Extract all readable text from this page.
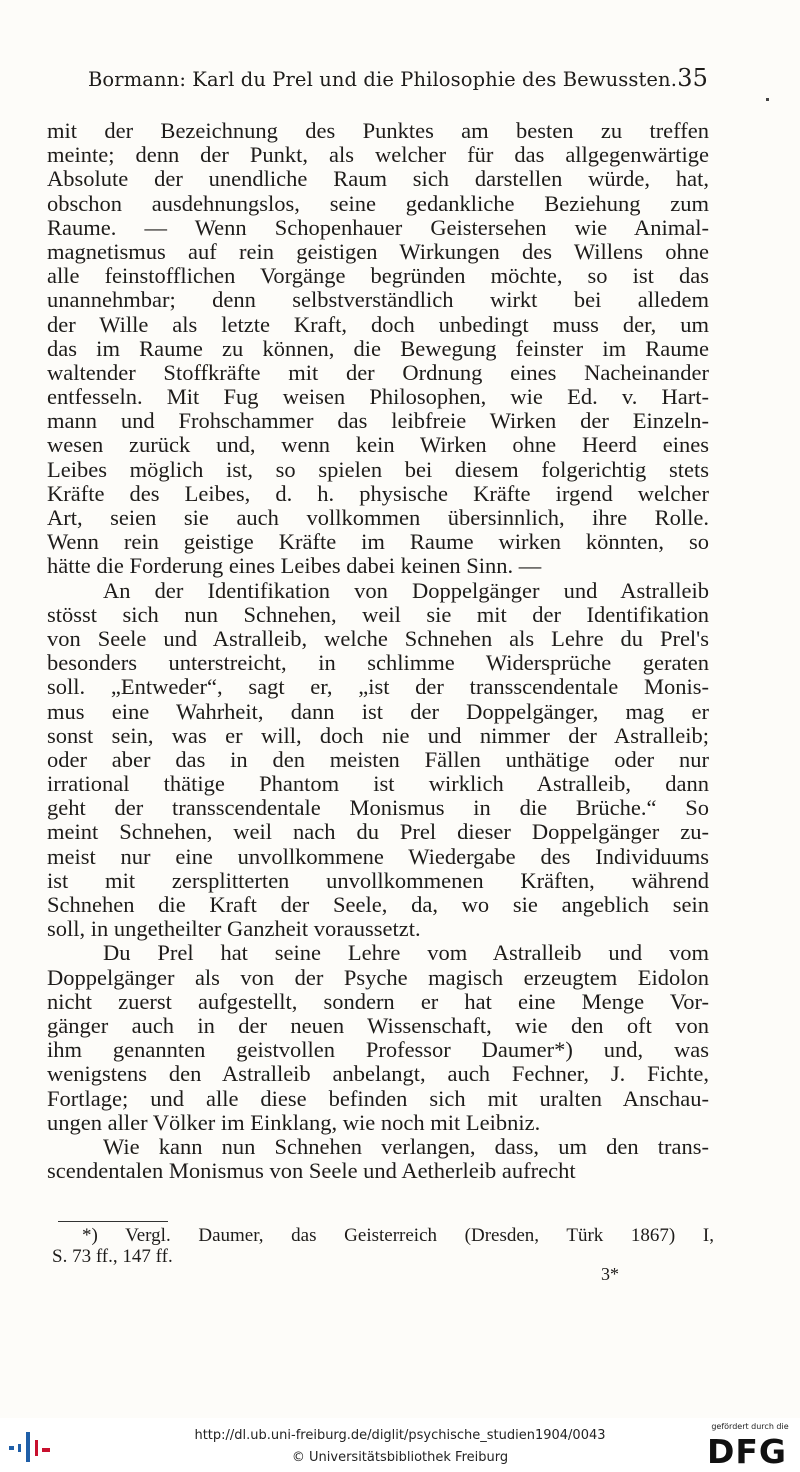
Bormann: Karl du Prel und die Philosophie des Bewussten. 35
mit der Bezeichnung des Punktes am besten zu treffen
meinte; denn der Punkt, als welcher für das allgegenwärtige
Absolute der unendliche Raum sich darstellen würde, hat,
obschon ausdehnungslos, seine gedankliche Beziehung zum
Raume. — Wenn Schopenhauer Geistersehen wie Animal-
magnetismus auf rein geistigen Wirkungen des Willens ohne
alle feinstofflichen Vorgänge begründen möchte, so ist das
unannehmbar; denn selbstverständlich wirkt bei alledem
der Wille als letzte Kraft, doch unbedingt muss der, um
das im Raume zu können, die Bewegung feinster im Raume
waltender Stoffkräfte mit der Ordnung eines Nacheinander
entfesseln. Mit Fug weisen Philosophen, wie Ed. v. Hart-
mann und Frohschammer das leibfreie Wirken der Einzeln-
wesen zurück und, wenn kein Wirken ohne Heerd eines
Leibes möglich ist, so spielen bei diesem folgerichtig stets
Kräfte des Leibes, d. h. physische Kräfte irgend welcher
Art, seien sie auch vollkommen übersinnlich, ihre Rolle.
Wenn rein geistige Kräfte im Raume wirken könnten, so
hätte die Forderung eines Leibes dabei keinen Sinn. —
An der Identifikation von Doppelgänger und Astralleib
stösst sich nun Schnehen, weil sie mit der Identifikation
von Seele und Astralleib, welche Schnehen als Lehre du Prel's
besonders unterstreicht, in schlimme Widersprüche geraten
soll. „Entweder“, sagt er, „ist der transscendentale Monis-
mus eine Wahrheit, dann ist der Doppelgänger, mag er
sonst sein, was er will, doch nie und nimmer der Astralleib;
oder aber das in den meisten Fällen unthätige oder nur
irrational thätige Phantom ist wirklich Astralleib, dann
geht der transscendentale Monismus in die Brüche.“ So
meint Schnehen, weil nach du Prel dieser Doppelgänger zu-
meist nur eine unvollkommene Wiedergabe des Individuums
ist mit zersplitterten unvollkommenen Kräften, während
Schnehen die Kraft der Seele, da, wo sie angeblich sein
soll, in ungetheilter Ganzheit voraussetzt.
Du Prel hat seine Lehre vom Astralleib und vom
Doppelgänger als von der Psyche magisch erzeugtem Eidolon
nicht zuerst aufgestellt, sondern er hat eine Menge Vor-
gänger auch in der neuen Wissenschaft, wie den oft von
ihm genannten geistvollen Professor Daumer*) und, was
wenigstens den Astralleib anbelangt, auch Fechner, J. Fichte,
Fortlage; und alle diese befinden sich mit uralten Anschau-
ungen aller Völker im Einklang, wie noch mit Leibniz.
Wie kann nun Schnehen verlangen, dass, um den trans-
scendentalen Monismus von Seele und Aetherleib aufrecht
*) Vergl. Daumer, das Geisterreich (Dresden, Türk 1867) I,
S. 73 ff., 147 ff.
3*
http://dl.ub.uni-freiburg.de/diglit/psychische_studien1904/0043
© Universitätsbibliothek Freiburg
gefördert durch die
DFG
